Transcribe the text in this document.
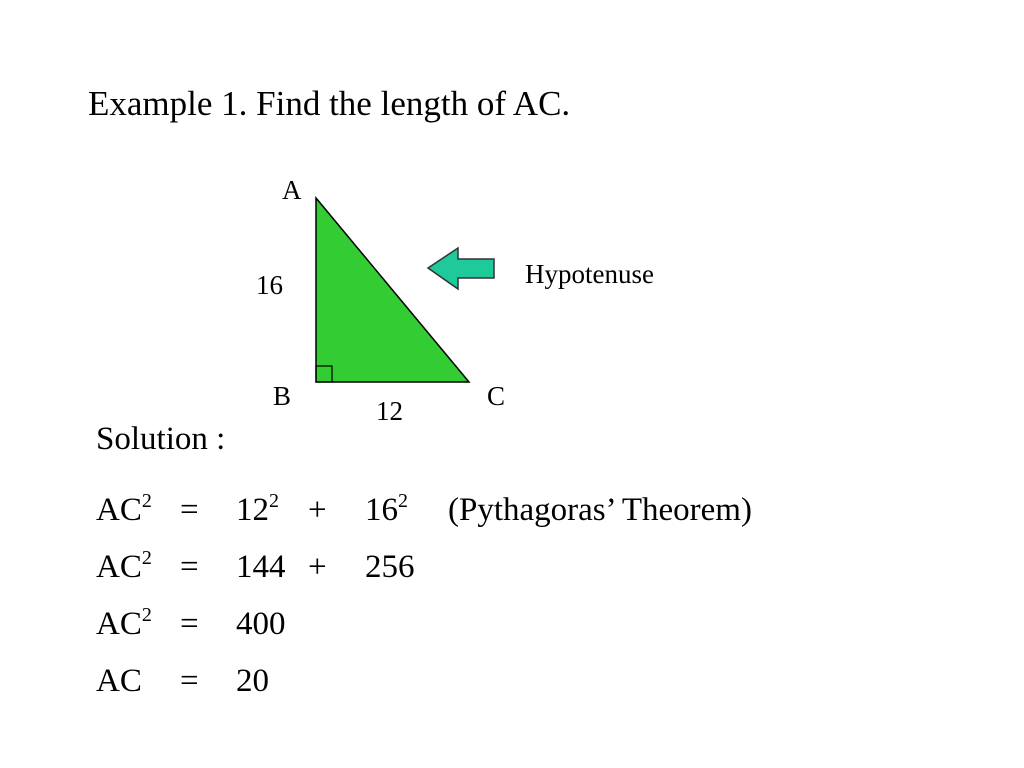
Example 1. Find the length of AC.
A
B	C
16
12
Hypotenuse
Solution :
$AC^2 = 12^2 + 16^2$ (Pythagoras’ Theorem)
$AC^2 = 144 + 256$
$AC^2 = 400$
AC = 20
